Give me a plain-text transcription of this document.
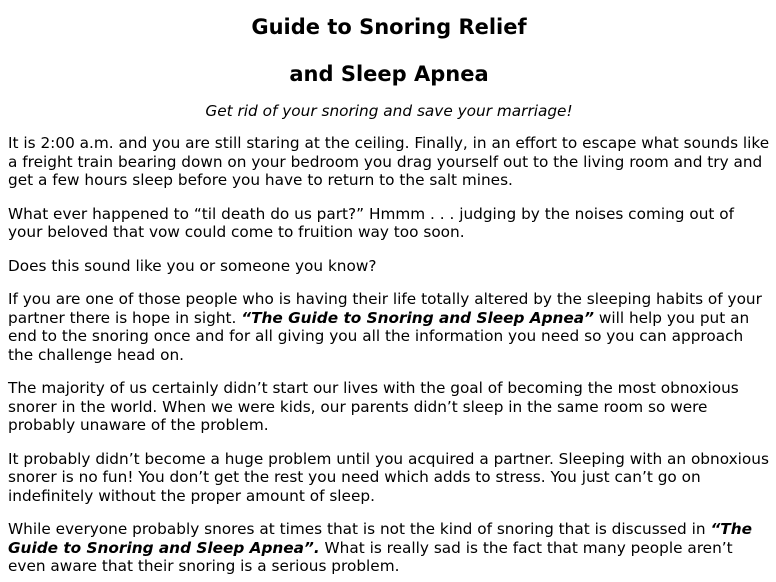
Guide to Snoring Relief
and Sleep Apnea

Get rid of your snoring and save your marriage!

It is 2:00 a.m. and you are still staring at the ceiling. Finally, in an effort to escape what sounds like a freight train bearing down on your bedroom you drag yourself out to the living room and try and get a few hours sleep before you have to return to the salt mines.

What ever happened to “til death do us part?” Hmmm . . . judging by the noises coming out of your beloved that vow could come to fruition way too soon.

Does this sound like you or someone you know?

If you are one of those people who is having their life totally altered by the sleeping habits of your partner there is hope in sight. “The Guide to Snoring and Sleep Apnea” will help you put an end to the snoring once and for all giving you all the information you need so you can approach the challenge head on.

The majority of us certainly didn’t start our lives with the goal of becoming the most obnoxious snorer in the world. When we were kids, our parents didn’t sleep in the same room so were probably unaware of the problem.

It probably didn’t become a huge problem until you acquired a partner. Sleeping with an obnoxious snorer is no fun! You don’t get the rest you need which adds to stress. You just can’t go on indefinitely without the proper amount of sleep.

While everyone probably snores at times that is not the kind of snoring that is discussed in “The Guide to Snoring and Sleep Apnea”. What is really sad is the fact that many people aren’t even aware that their snoring is a serious problem.
